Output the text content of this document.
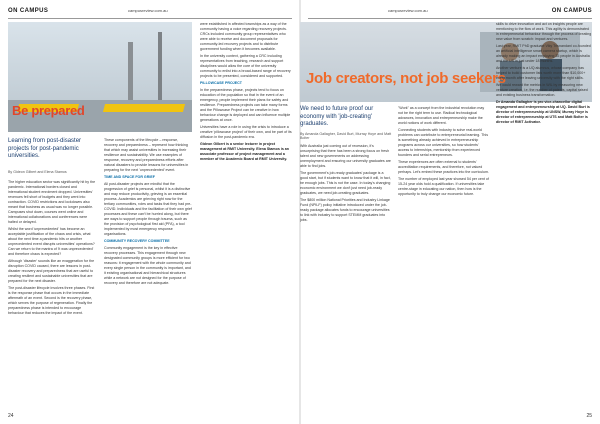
ON CAMPUS	campusreview.com.au
Be prepared
Learning from post-disaster projects for post-pandemic universities.
By Gideon Gilbert and Elena Stamos

The higher education sector was significantly hit by the pandemic. International borders closed and international student enrolment dropped. Universities' revenues fell short of budgets and they went into contraction. COVID restrictions and lockdowns also meant that business as usual was no longer possible. Campuses shut down, courses went online and international collaborations and conferences were halted or delayed.

Whilst the word 'unprecedented' has become an acceptable justification of the chaos and crisis, what about the next time a pandemic hits or another unprecedented event disrupts universities' operations? Can we return to the mantra of 'it was unprecedented' and therefore chaos is expected?

Although 'disaster' sounds like an exaggeration for the disruption COVID caused, there are lessons in post-disaster recovery and preparedness that are useful to creating resilient and sustainable universities that are prepared for the next disaster.

The post-disaster lifecycle involves three phases. First is the response phase that occurs in the immediate aftermath of an event. Second is the recovery phase, which serves the purpose of regeneration. Finally the preparedness phase is intended to encourage behaviour that reduces the impact of the event.

These components of the lifecycle – response, recovery and preparedness – represent how thinking that which may assist universities in increasing their resilience and sustainability. We use examples of response, recovery and preparedness efforts after natural disasters to provide lessons for universities in preparing for the next 'unprecedented' event.

TIME AND SPACE FOR GRIEF

All post-disaster projects are mindful that the progression of grief is personal, whilst it is a distinctive and may reduce productivity, grieving is an essential process. Academics are grieving right now for the tertiary communities, roles and tasks that they had pre-COVID. Individuals and the facilitation of their own grief processes and these can't be hurried along, but there are ways to support people through trauma, such as the provision of psychological first aid (PFA), a tool implemented by most emergency response organisations.

COMMUNITY RECOVERY COMMITTEE

Community engagement is the key in effective recovery processes. This engagement through new designated community groups is more efficient for two reasons: it engagement with the whole community and every single person in the community is important, and it existing organisational and hierarchical structures while a network are not designed for the purpose of recovery and therefore are not adequate.

were established in affected townships as a way of the community having a voice regarding recovery projects. CRCs included community group representatives who were able to receive and document proposals for community-led recovery projects and to distribute government funding when it becomes available.

In the university context, gathering a CRC including representatives from teaching, research and support disciplines would allow the core of the university community to enlist into a broad-based range of recovery projects to be presented, considered and supported.

PILLOWCASE PROJECT

In the preparedness phase, projects tend to focus on education of the population so that in the event of an emergency, people implement their plans for safety and resilience. Preparedness projects can take many forms and the Pillowcase Project can be creative in how behaviour change is deployed and can influence multiple generations at once.

Universities have a role in using the crisis to introduce a creative 'pillowcase project' of their own, and be part of its diffusion in the post-pandemic era.

Gideon Gilbert is a senior lecturer in project management at RMIT University. Elena Stamos is an associate professor of project management and a member of the Academic Board at RMIT University.

24
campusreview.com.au	ON CAMPUS
Job creators, not job seekers
We need to future proof our economy with 'job-creating' graduates.
By Amanda Gallagher, David Burt, Murray Hoye and Matt Bolter

With Australia just coming out of recession, it's unsurprising that there has been a strong focus on fresh talent and new governments on addressing unemployment and ensuring our university graduates are able to find jobs.

The government's job-ready graduates' package is a good start, but if students want to know that it will, in fact, be enough jobs. This is not the case. In today's changing economic environment we don't just need job-ready graduates, we need job-creating graduates.

The $800 million National Priorities and Industry Linkage Fund (NPILF) policy initiative introduced under the job-ready package allocates funds to encourage universities to link with industry to support STEMM graduates into jobs.

"Work" as a concept from the industrial revolution may not be the right term to use. Radical technological advances, innovation and entrepreneurship make the world notions of work different.

Connecting students with industry to solve real-world problems can contribute to entrepreneurial learning. This is something already achieved in entrepreneurship programs across our universities, so how students' access to internships, mentorship from experienced founders and serial entrepreneurs.

These experiences are often external to students' accreditation requirements, and therefore, not valued perhaps. Let's embed these practices into the curriculum.

The number of employed last year showed 54 per cent of 15-24 year olds hold a qualification. If universities take centre-stage in educating our nation, then how is the opportunity to truly change our economic future.

skills to drive innovation and act on insights people are mentioning to the flow of work. This agility is demonstrated in entrepreneurial behaviour through the process of creating new value from scratch: impact and ventures.

Last year, RMIT PhD graduate Viky Trisnandani co-founded an artificial intelligence smart camera startup, which is already making an impact employing 35 people in Australia and the US in just under 18 months.

Another venture is a UQ alumnus, whose company has helped to build customer lists worth more than $10,000+ every month after leaving university with the right skills.

We could reward the metrics in WIL by measuring new venture creation, i.e. the number of patents, capital raised and existing business transformation.

Dr Amanda Gallagher is pro vice-chancellor digital engagement and entrepreneurship at UQ. David Burt is director of entrepreneurship at UNSW, Murray Hoye is director of entrepreneurship at UTS and Matt Bolter is director of RMIT Activator.

25
